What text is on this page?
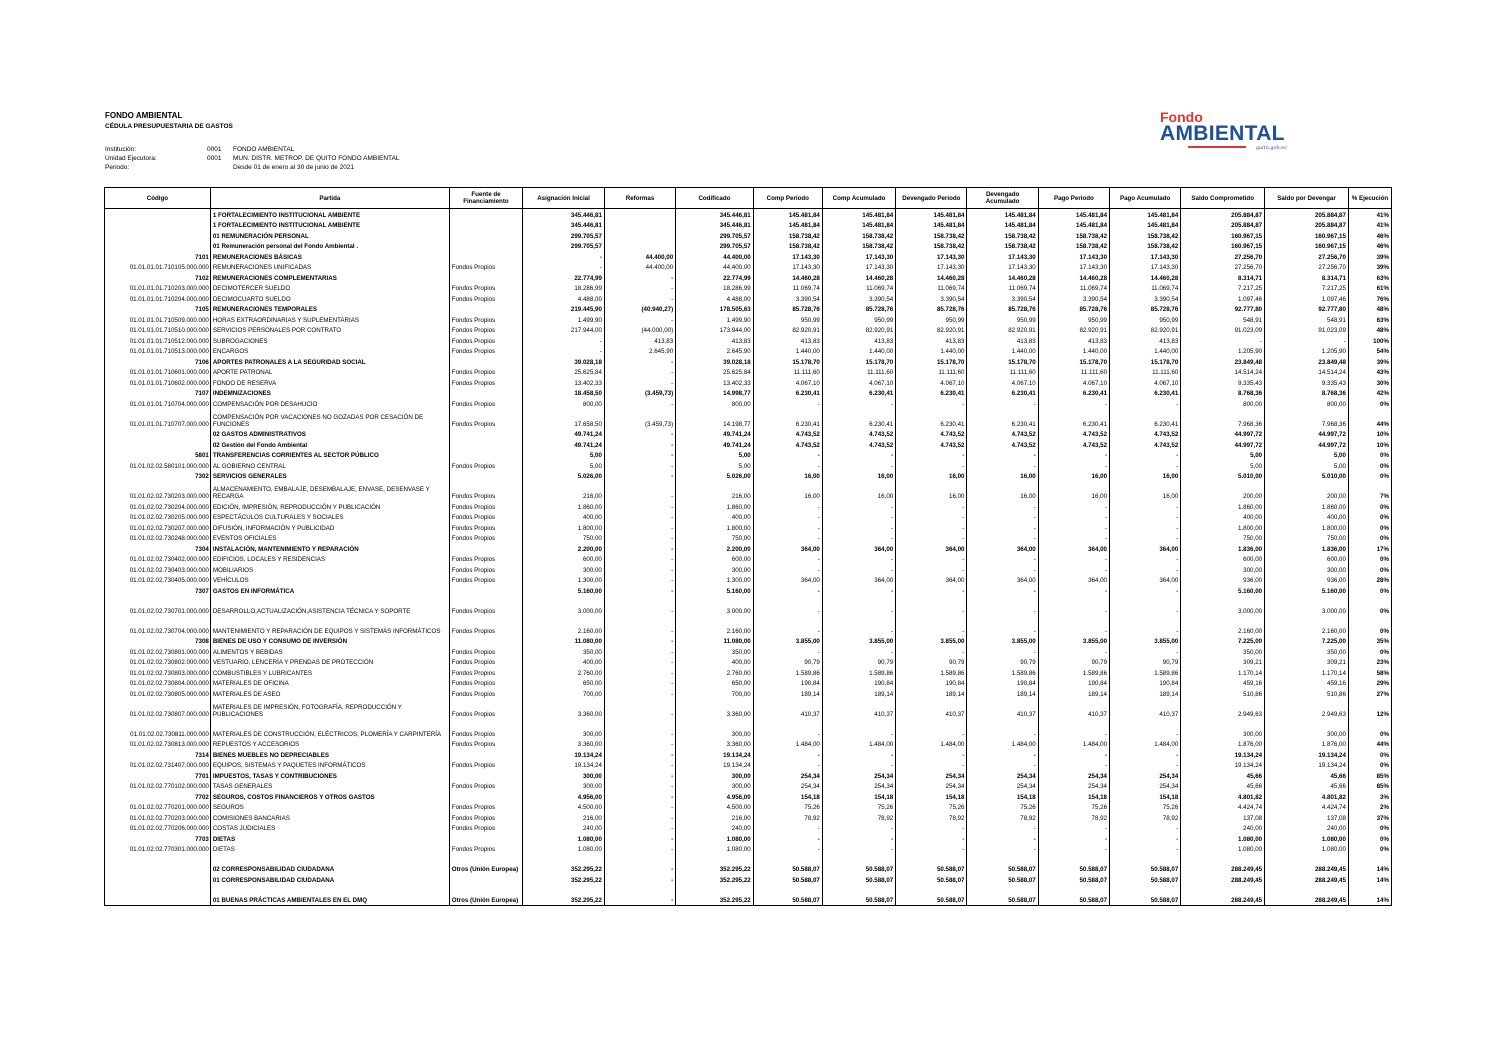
FONDO AMBIENTAL
CÉDULA PRESUPUESTARIA DE GASTOS
Institución:	0001	FONDO AMBIENTAL
Unidad Ejecutora:	0001	MUN. DISTR. METROP. DE QUITO FONDO AMBIENTAL
Periodo:	Desde 01 de enero al 30 de junio de 2021
Fondo
AMBIENTAL
quito.gob.ec
Código	Partida	Fuente de Financiamiento	Asignación Inicial	Reformas	Codificado	Comp Periodo	Comp Acumulado	Devengado Periodo	Devengado Acumulado	Pago Periodo	Pago Acumulado	Saldo Comprometido	Saldo por Devengar	% Ejecución
	1 FORTALECIMIENTO INSTITUCIONAL AMBIENTE		345.446,81		345.446,81	145.481,84	145.481,84	145.481,84	145.481,84	145.481,84	145.481,84	205.884,87	205.884,87	41%
	1 FORTALECIMIENTO INSTITUCIONAL AMBIENTE		345.446,81		345.446,81	145.481,84	145.481,84	145.481,84	145.481,84	145.481,84	145.481,84	205.884,87	205.884,87	41%
	01 REMUNERACIÓN PERSONAL		299.705,57		299.705,57	158.738,42	158.738,42	158.738,42	158.738,42	158.738,42	158.738,42	160.967,15	160.967,15	46%
	01 Remuneración personal del Fondo Ambiental .		299.705,57		299.705,57	158.738,42	158.738,42	158.738,42	158.738,42	158.738,42	158.738,42	160.967,15	160.967,15	46%
7101	REMUNERACIONES BÁSICAS		-	44.400,00	44.400,00	17.143,30	17.143,30	17.143,30	17.143,30	17.143,30	17.143,30	27.256,70	27.256,70	39%
01.01.01.01.710105.000.000	REMUNERACIONES UNIFICADAS	Fondos Propios	-	44.400,00	44.400,00	17.143,30	17.143,30	17.143,30	17.143,30	17.143,30	17.143,30	27.256,70	27.256,70	39%
7102	REMUNERACIONES COMPLEMENTARIAS		22.774,99	-	22.774,99	14.460,28	14.460,28	14.460,28	14.460,28	14.460,28	14.460,28	8.314,71	8.314,71	63%
01.01.01.01.710203.000.000	DECIMOTERCER SUELDO	Fondos Propios	18.286,99	-	18.286,99	11.069,74	11.069,74	11.069,74	11.069,74	11.069,74	11.069,74	7.217,25	7.217,25	61%
01.01.01.01.710204.000.000	DECIMOCUARTO SUELDO	Fondos Propios	4.488,00	-	4.488,00	3.390,54	3.390,54	3.390,54	3.390,54	3.390,54	3.390,54	1.097,46	1.097,46	76%
7105	REMUNERACIONES TEMPORALES		219.445,90	(40.940,27)	178.505,63	85.728,76	85.728,76	85.728,76	85.728,76	85.728,76	85.728,76	92.777,80	92.777,80	48%
01.01.01.01.710509.000.000	HORAS EXTRAORDINARIAS Y SUPLEMENTARIAS	Fondos Propios	1.499,90	-	1.499,90	950,99	950,99	950,99	950,99	950,99	950,99	548,91	548,91	63%
01.01.01.01.710510.000.000	SERVICIOS PERSONALES POR CONTRATO	Fondos Propios	217.944,00	(44.000,00)	173.944,00	82.920,91	82.920,91	82.920,91	82.920,91	82.920,91	82.920,91	91.023,09	91.023,09	48%
01.01.01.01.710512.000.000	SUBROGACIONES	Fondos Propios	-	413,83	413,83	413,83	413,83	413,83	413,83	413,83	413,83	-	-	100%
01.01.01.01.710513.000.000	ENCARGOS	Fondos Propios	-	2.645,90	2.645,90	1.440,00	1.440,00	1.440,00	1.440,00	1.440,00	1.440,00	1.205,90	1.205,90	54%
7106	APORTES PATRONALES A LA SEGURIDAD SOCIAL		39.028,18	-	39.028,18	15.178,70	15.178,70	15.178,70	15.178,70	15.178,70	15.178,70	23.849,48	23.849,48	39%
01.01.01.01.710601.000.000	APORTE PATRONAL	Fondos Propios	25.625,84	-	25.625,84	11.111,60	11.111,60	11.111,60	11.111,60	11.111,60	11.111,60	14.514,24	14.514,24	43%
01.01.01.01.710602.000.000	FONDO DE RESERVA	Fondos Propios	13.402,33	-	13.402,33	4.067,10	4.067,10	4.067,10	4.067,10	4.067,10	4.067,10	9.335,43	9.335,43	30%
7107	INDEMNIZACIONES		18.458,50	(3.459,73)	14.998,77	6.230,41	6.230,41	6.230,41	6.230,41	6.230,41	6.230,41	8.768,36	8.768,36	42%
01.01.01.01.710704.000.000	COMPENSACIÓN POR DESAHUCIO	Fondos Propios	800,00	-	800,00	-	-	-	-	-	-	800,00	800,00	0%
01.01.01.01.710707.000.000	COMPENSACIÓN POR VACACIONES NO GOZADAS POR CESACIÓN DE FUNCIONES	Fondos Propios	17.658,50	(3.459,73)	14.198,77	6.230,41	6.230,41	6.230,41	6.230,41	6.230,41	6.230,41	7.968,36	7.968,36	44%
	02 GASTOS ADMINISTRATIVOS		49.741,24	-	49.741,24	4.743,52	4.743,52	4.743,52	4.743,52	4.743,52	4.743,52	44.997,72	44.997,72	10%
	02 Gestión del Fondo Ambiental		49.741,24	-	49.741,24	4.743,52	4.743,52	4.743,52	4.743,52	4.743,52	4.743,52	44.997,72	44.997,72	10%
5801	TRANSFERENCIAS CORRIENTES AL SECTOR PÚBLICO		5,00	-	5,00	-	-	-	-	-	-	5,00	5,00	0%
01.01.02.02.580101.000.000	AL GOBIERNO CENTRAL	Fondos Propios	5,00	-	5,00	-	-	-	-	-	-	5,00	5,00	0%
7302	SERVICIOS GENERALES		5.026,00	-	5.026,00	16,00	16,00	16,00	16,00	16,00	16,00	5.010,00	5.010,00	0%
01.01.02.02.730203.000.000	ALMACENAMIENTO, EMBALAJE, DESEMBALAJE, ENVASE, DESENVASE Y RECARGA	Fondos Propios	216,00	-	216,00	16,00	16,00	16,00	16,00	16,00	16,00	200,00	200,00	7%
01.01.02.02.730204.000.000	EDICIÓN, IMPRESIÓN, REPRODUCCIÓN Y PUBLICACIÓN	Fondos Propios	1.860,00	-	1.860,00	-	-	-	-	-	-	1.860,00	1.860,00	0%
01.01.02.02.730205.000.000	ESPECTÁCULOS CULTURALES Y SOCIALES	Fondos Propios	400,00	-	400,00	-	-	-	-	-	-	400,00	400,00	0%
01.01.02.02.730207.000.000	DIFUSIÓN, INFORMACIÓN Y PUBLICIDAD	Fondos Propios	1.800,00	-	1.800,00	-	-	-	-	-	-	1.800,00	1.800,00	0%
01.01.02.02.730248.000.000	EVENTOS OFICIALES	Fondos Propios	750,00	-	750,00	-	-	-	-	-	-	750,00	750,00	0%
7304	INSTALACIÓN, MANTENIMIENTO Y REPARACIÓN		2.200,00	-	2.200,00	364,00	364,00	364,00	364,00	364,00	364,00	1.836,00	1.836,00	17%
01.01.02.02.730402.000.000	EDIFICIOS, LOCALES Y RESIDENCIAS	Fondos Propios	600,00	-	600,00	-	-	-	-	-	-	600,00	600,00	0%
01.01.02.02.730403.000.000	MOBILIARIOS	Fondos Propios	300,00	-	300,00	-	-	-	-	-	-	300,00	300,00	0%
01.01.02.02.730405.000.000	VEHÍCULOS	Fondos Propios	1.300,00	-	1.300,00	364,00	364,00	364,00	364,00	364,00	364,00	936,00	936,00	28%
7307	GASTOS EN INFORMÁTICA		5.160,00	-	5.160,00	-	-	-	-	-	-	5.160,00	5.160,00	0%
01.01.02.02.730701.000.000	DESARROLLO,ACTUALIZACIÓN,ASISTENCIA TÉCNICA Y SOPORTE	Fondos Propios	3.000,00	-	3.000,00	-	-	-	-	-	-	3.000,00	3.000,00	0%
01.01.02.02.730704.000.000	MANTENIMIENTO Y REPARACIÓN DE EQUIPOS Y SISTEMAS INFORMÁTICOS	Fondos Propios	2.160,00	-	2.160,00	-	-	-	-	-	-	2.160,00	2.160,00	0%
7308	BIENES DE USO Y CONSUMO DE INVERSIÓN		11.080,00	-	11.080,00	3.855,00	3.855,00	3.855,00	3.855,00	3.855,00	3.855,00	7.225,00	7.225,00	35%
01.01.02.02.730801.000.000	ALIMENTOS Y BEBIDAS	Fondos Propios	350,00	-	350,00	-	-	-	-	-	-	350,00	350,00	0%
01.01.02.02.730802.000.000	VESTUARIO, LENCERÍA Y PRENDAS DE PROTECCIÓN	Fondos Propios	400,00	-	400,00	90,79	90,79	90,79	90,79	90,79	90,79	309,21	309,21	23%
01.01.02.02.730803.000.000	COMBUSTIBLES Y LUBRICANTES	Fondos Propios	2.760,00	-	2.760,00	1.589,86	1.589,86	1.589,86	1.589,86	1.589,86	1.589,86	1.170,14	1.170,14	58%
01.01.02.02.730804.000.000	MATERIALES DE OFICINA	Fondos Propios	650,00	-	650,00	190,84	190,84	190,84	190,84	190,84	190,84	459,16	459,16	29%
01.01.02.02.730805.000.000	MATERIALES DE ASEO	Fondos Propios	700,00	-	700,00	189,14	189,14	189,14	189,14	189,14	189,14	510,86	510,86	27%
01.01.02.02.730807.000.000	MATERIALES DE IMPRESIÓN, FOTOGRAFÍA, REPRODUCCIÓN Y PUBLICACIONES	Fondos Propios	3.360,00	-	3.360,00	410,37	410,37	410,37	410,37	410,37	410,37	2.949,63	2.949,63	12%
01.01.02.02.730811.000.000	MATERIALES DE CONSTRUCCIÓN, ELÉCTRICOS, PLOMERÍA Y CARPINTERÍA	Fondos Propios	300,00	-	300,00	-	-	-	-	-	-	300,00	300,00	0%
01.01.02.02.730813.000.000	REPUESTOS Y ACCESORIOS	Fondos Propios	3.360,00	-	3.360,00	1.484,00	1.484,00	1.484,00	1.484,00	1.484,00	1.484,00	1.876,00	1.876,00	44%
7314	BIENES MUEBLES NO DEPRECIABLES		19.134,24	-	19.134,24	-	-	-	-	-	-	19.134,24	19.134,24	0%
01.01.02.02.731407.000.000	EQUIPOS, SISTEMAS Y PAQUETES INFORMÁTICOS	Fondos Propios	19.134,24	-	19.134,24	-	-	-	-	-	-	19.134,24	19.134,24	0%
7701	IMPUESTOS, TASAS Y CONTRIBUCIONES		300,00	-	300,00	254,34	254,34	254,34	254,34	254,34	254,34	45,66	45,66	85%
01.01.02.02.770102.000.000	TASAS GENERALES	Fondos Propios	300,00	-	300,00	254,34	254,34	254,34	254,34	254,34	254,34	45,66	45,66	85%
7702	SEGUROS, COSTOS FINANCIEROS Y OTROS GASTOS		4.956,00	-	4.956,00	154,18	154,18	154,18	154,18	154,18	154,18	4.801,82	4.801,82	3%
01.01.02.02.770201.000.000	SEGUROS	Fondos Propios	4.500,00	-	4.500,00	75,26	75,26	75,26	75,26	75,26	75,26	4.424,74	4.424,74	2%
01.01.02.02.770203.000.000	COMISIONES BANCARIAS	Fondos Propios	216,00	-	216,00	78,92	78,92	78,92	78,92	78,92	78,92	137,08	137,08	37%
01.01.02.02.770206.000.000	COSTAS JUDICIALES	Fondos Propios	240,00	-	240,00	-	-	-	-	-	-	240,00	240,00	0%
7703	DIETAS		1.080,00	-	1.080,00	-	-	-	-	-	-	1.080,00	1.080,00	0%
01.01.02.02.770301.000.000	DIETAS	Fondos Propios	1.080,00	-	1.080,00	-	-	-	-	-	-	1.080,00	1.080,00	0%
	02 CORRESPONSABILIDAD CIUDADANA	Otros (Unión Europea)	352.295,22	-	352.295,22	50.588,07	50.588,07	50.588,07	50.588,07	50.588,07	50.588,07	288.249,45	288.249,45	14%
	01 CORRESPONSABILIDAD CIUDADANA		352.295,22	-	352.295,22	50.588,07	50.588,07	50.588,07	50.588,07	50.588,07	50.588,07	288.249,45	288.249,45	14%
	01 BUENAS PRÁCTICAS AMBIENTALES EN EL DMQ	Otros (Unión Europea)	352.295,22	-	352.295,22	50.588,07	50.588,07	50.588,07	50.588,07	50.588,07	50.588,07	288.249,45	288.249,45	14%
